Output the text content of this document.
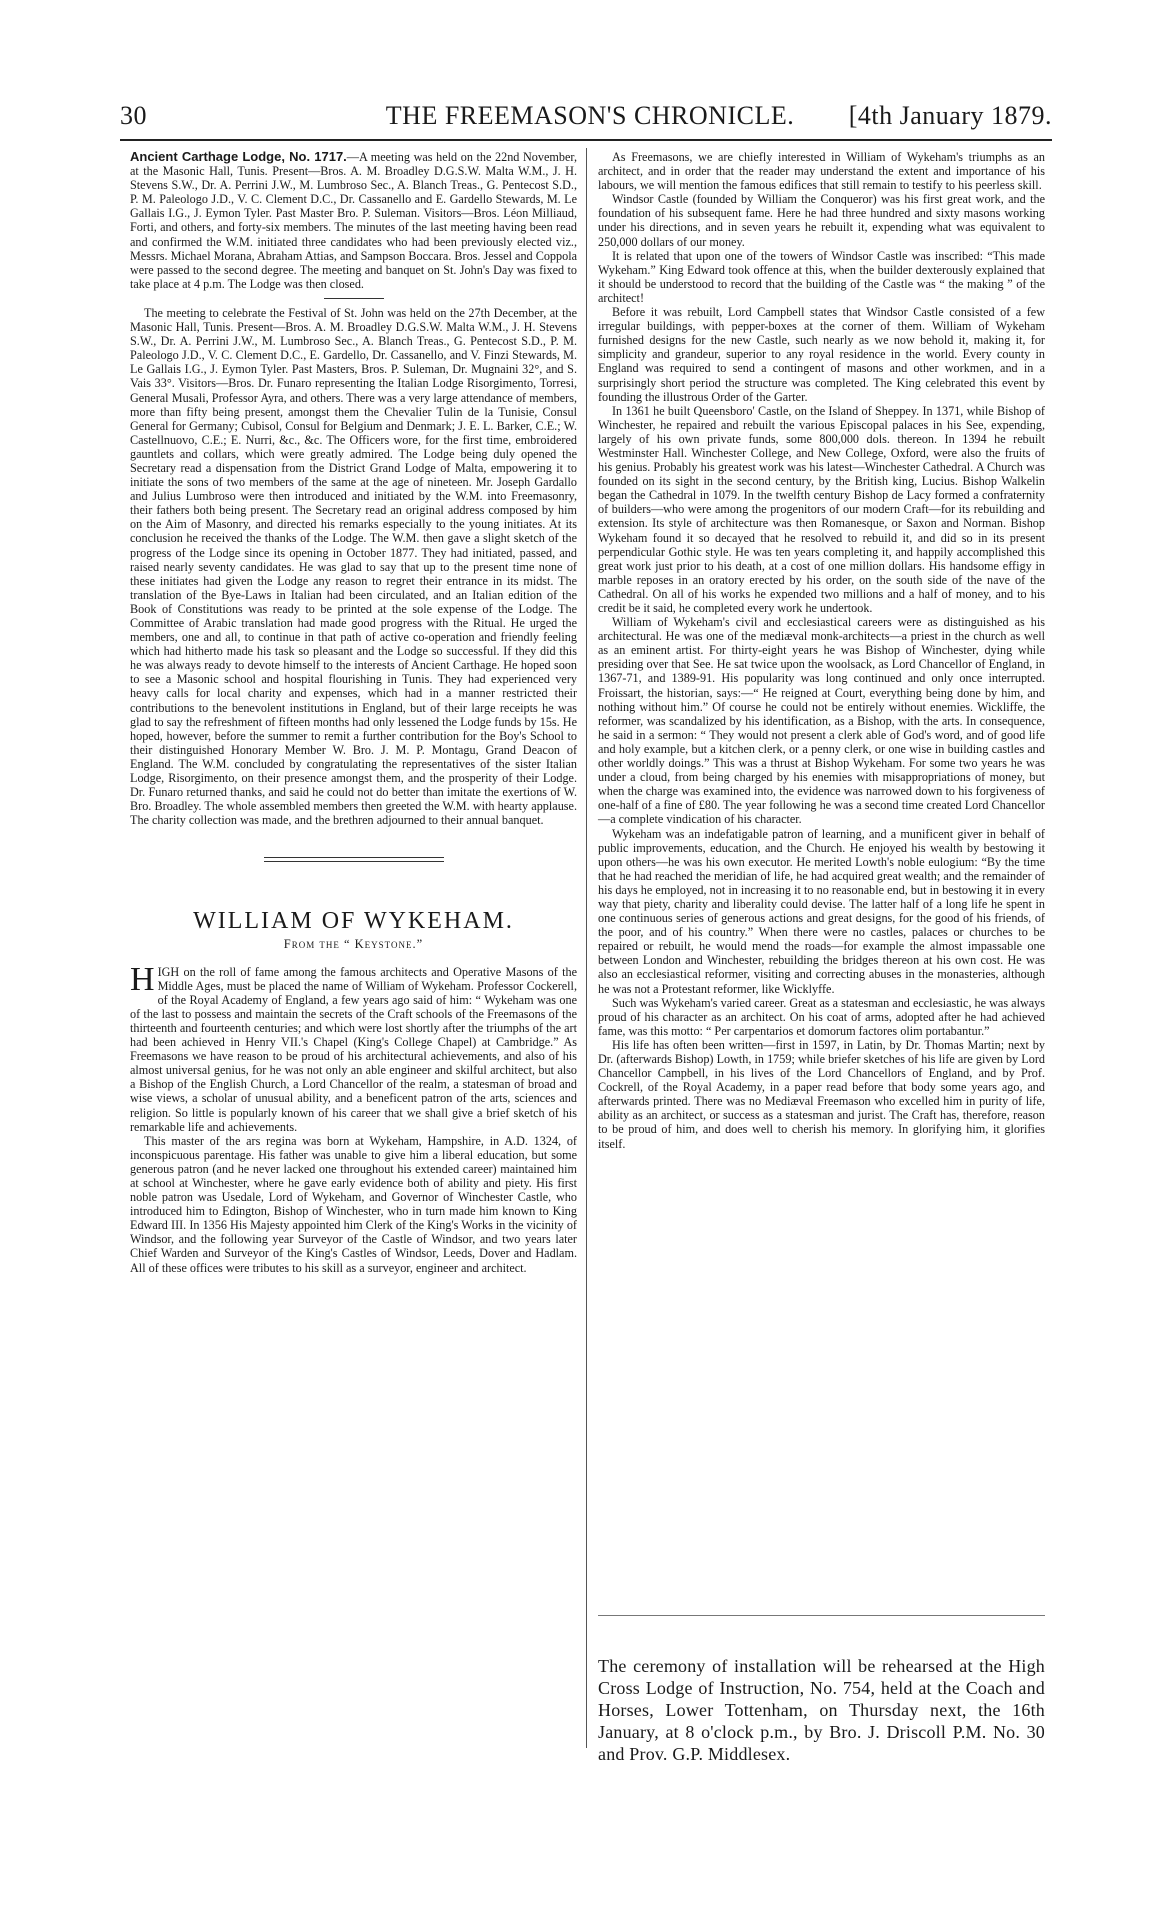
30	THE FREEMASON'S CHRONICLE. [4th January 1879.

Ancient Carthage Lodge, No. 1717.—A meeting was held on the 22nd November, at the Masonic Hall, Tunis. Present—Bros. A. M. Broadley D.G.S.W. Malta W.M., J. H. Stevens S.W., Dr. A. Perrini J.W., M. Lumbroso Sec., A. Blanch Treas., G. Pentecost S.D., P. M. Paleologo J.D., V. C. Clement D.C., Dr. Cassanello and E. Gardello Stewards, M. Le Gallais I.G., J. Eymon Tyler. Past Master Bro. P. Suleman. Visitors—Bros. Léon Milliaud, Forti, and others, and forty-six members. The minutes of the last meeting having been read and confirmed the W.M. initiated three candidates who had been previously elected viz., Messrs. Michael Morana, Abraham Attias, and Sampson Boccara. Bros. Jessel and Coppola were passed to the second degree. The meeting and banquet on St. John's Day was fixed to take place at 4 p.m. The Lodge was then closed.

The meeting to celebrate the Festival of St. John was held on the 27th December, at the Masonic Hall, Tunis. Present—Bros. A. M. Broadley D.G.S.W. Malta W.M., J. H. Stevens S.W., Dr. A. Perrini J.W., M. Lumbroso Sec., A. Blanch Treas., G. Pentecost S.D., P. M. Paleologo J.D., V. C. Clement D.C., E. Gardello, Dr. Cassanello, and V. Finzi Stewards, M. Le Gallais I.G., J. Eymon Tyler. Past Masters, Bros. P. Suleman, Dr. Mugnaini 32°, and S. Vais 33°. Visitors—Bros. Dr. Funaro representing the Italian Lodge Risorgimento, Torresi, General Musali, Professor Ayra, and others. There was a very large attendance of members, more than fifty being present, amongst them the Chevalier Tulin de la Tunisie, Consul General for Germany; Cubisol, Consul for Belgium and Denmark; J. E. L. Barker, C.E.; W. Castellnuovo, C.E.; E. Nurri, &c., &c. The Officers wore, for the first time, embroidered gauntlets and collars, which were greatly admired. The Lodge being duly opened the Secretary read a dispensation from the District Grand Lodge of Malta, empowering it to initiate the sons of two members of the same at the age of nineteen. Mr. Joseph Gardallo and Julius Lumbroso were then introduced and initiated by the W.M. into Freemasonry, their fathers both being present. The Secretary read an original address composed by him on the Aim of Masonry, and directed his remarks especially to the young initiates. At its conclusion he received the thanks of the Lodge. The W.M. then gave a slight sketch of the progress of the Lodge since its opening in October 1877. They had initiated, passed, and raised nearly seventy candidates. He was glad to say that up to the present time none of these initiates had given the Lodge any reason to regret their entrance in its midst. The translation of the Bye-Laws in Italian had been circulated, and an Italian edition of the Book of Constitutions was ready to be printed at the sole expense of the Lodge. The Committee of Arabic translation had made good progress with the Ritual. He urged the members, one and all, to continue in that path of active co-operation and friendly feeling which had hitherto made his task so pleasant and the Lodge so successful. If they did this he was always ready to devote himself to the interests of Ancient Carthage. He hoped soon to see a Masonic school and hospital flourishing in Tunis. They had experienced very heavy calls for local charity and expenses, which had in a manner restricted their contributions to the benevolent institutions in England, but of their large receipts he was glad to say the refreshment of fifteen months had only lessened the Lodge funds by 15s. He hoped, however, before the summer to remit a further contribution for the Boy's School to their distinguished Honorary Member W. Bro. J. M. P. Montagu, Grand Deacon of England. The W.M. concluded by congratulating the representatives of the sister Italian Lodge, Risorgimento, on their presence amongst them, and the prosperity of their Lodge. Dr. Funaro returned thanks, and said he could not do better than imitate the exertions of W. Bro. Broadley. The whole assembled members then greeted the W.M. with hearty applause. The charity collection was made, and the brethren adjourned to their annual banquet.

WILLIAM OF WYKEHAM.
From the “ Keystone.”

HIGH on the roll of fame among the famous architects and Operative Masons of the Middle Ages, must be placed the name of William of Wykeham. Professor Cockerell, of the Royal Academy of England, a few years ago said of him: “ Wykeham was one of the last to possess and maintain the secrets of the Craft schools of the Freemasons of the thirteenth and fourteenth centuries; and which were lost shortly after the triumphs of the art had been achieved in Henry VII.'s Chapel (King's College Chapel) at Cambridge.” As Freemasons we have reason to be proud of his architectural achievements, and also of his almost universal genius, for he was not only an able engineer and skilful architect, but also a Bishop of the English Church, a Lord Chancellor of the realm, a statesman of broad and wise views, a scholar of unusual ability, and a beneficent patron of the arts, sciences and religion. So little is popularly known of his career that we shall give a brief sketch of his remarkable life and achievements.

This master of the ars regina was born at Wykeham, Hampshire, in A.D. 1324, of inconspicuous parentage. His father was unable to give him a liberal education, but some generous patron (and he never lacked one throughout his extended career) maintained him at school at Winchester, where he gave early evidence both of ability and piety. His first noble patron was Usedale, Lord of Wykeham, and Governor of Winchester Castle, who introduced him to Edington, Bishop of Winchester, who in turn made him known to King Edward III. In 1356 His Majesty appointed him Clerk of the King's Works in the vicinity of Windsor, and the following year Surveyor of the Castle of Windsor, and two years later Chief Warden and Surveyor of the King's Castles of Windsor, Leeds, Dover and Hadlam. All of these offices were tributes to his skill as a surveyor, engineer and architect.

As Freemasons, we are chiefly interested in William of Wykeham's triumphs as an architect, and in order that the reader may understand the extent and importance of his labours, we will mention the famous edifices that still remain to testify to his peerless skill.

Windsor Castle (founded by William the Conqueror) was his first great work, and the foundation of his subsequent fame. Here he had three hundred and sixty masons working under his directions, and in seven years he rebuilt it, expending what was equivalent to 250,000 dollars of our money.

It is related that upon one of the towers of Windsor Castle was inscribed: “This made Wykeham.” King Edward took offence at this, when the builder dexterously explained that it should be understood to record that the building of the Castle was “ the making ” of the architect!

Before it was rebuilt, Lord Campbell states that Windsor Castle consisted of a few irregular buildings, with pepper-boxes at the corner of them. William of Wykeham furnished designs for the new Castle, such nearly as we now behold it, making it, for simplicity and grandeur, superior to any royal residence in the world. Every county in England was required to send a contingent of masons and other workmen, and in a surprisingly short period the structure was completed. The King celebrated this event by founding the illustrous Order of the Garter.

In 1361 he built Queensboro' Castle, on the Island of Sheppey. In 1371, while Bishop of Winchester, he repaired and rebuilt the various Episcopal palaces in his See, expending, largely of his own private funds, some 800,000 dols. thereon. In 1394 he rebuilt Westminster Hall. Winchester College, and New College, Oxford, were also the fruits of his genius. Probably his greatest work was his latest—Winchester Cathedral. A Church was founded on its sight in the second century, by the British king, Lucius. Bishop Walkelin began the Cathedral in 1079. In the twelfth century Bishop de Lacy formed a confraternity of builders—who were among the progenitors of our modern Craft—for its rebuilding and extension. Its style of architecture was then Romanesque, or Saxon and Norman. Bishop Wykeham found it so decayed that he resolved to rebuild it, and did so in its present perpendicular Gothic style. He was ten years completing it, and happily accomplished this great work just prior to his death, at a cost of one million dollars. His handsome effigy in marble reposes in an oratory erected by his order, on the south side of the nave of the Cathedral. On all of his works he expended two millions and a half of money, and to his credit be it said, he completed every work he undertook.

William of Wykeham's civil and ecclesiastical careers were as distinguished as his architectural. He was one of the mediæval monk-architects—a priest in the church as well as an eminent artist. For thirty-eight years he was Bishop of Winchester, dying while presiding over that See. He sat twice upon the woolsack, as Lord Chancellor of England, in 1367-71, and 1389-91. His popularity was long continued and only once interrupted. Froissart, the historian, says:—“ He reigned at Court, everything being done by him, and nothing without him.” Of course he could not be entirely without enemies. Wickliffe, the reformer, was scandalized by his identification, as a Bishop, with the arts. In consequence, he said in a sermon: “ They would not present a clerk able of God's word, and of good life and holy example, but a kitchen clerk, or a penny clerk, or one wise in building castles and other worldly doings.” This was a thrust at Bishop Wykeham. For some two years he was under a cloud, from being charged by his enemies with misappropriations of money, but when the charge was examined into, the evidence was narrowed down to his forgiveness of one-half of a fine of £80. The year following he was a second time created Lord Chancellor—a complete vindication of his character.

Wykeham was an indefatigable patron of learning, and a munificent giver in behalf of public improvements, education, and the Church. He enjoyed his wealth by bestowing it upon others—he was his own executor. He merited Lowth's noble eulogium: “By the time that he had reached the meridian of life, he had acquired great wealth; and the remainder of his days he employed, not in increasing it to no reasonable end, but in bestowing it in every way that piety, charity and liberality could devise. The latter half of a long life he spent in one continuous series of generous actions and great designs, for the good of his friends, of the poor, and of his country.” When there were no castles, palaces or churches to be repaired or rebuilt, he would mend the roads—for example the almost impassable one between London and Winchester, rebuilding the bridges thereon at his own cost. He was also an ecclesiastical reformer, visiting and correcting abuses in the monasteries, although he was not a Protestant reformer, like Wicklyffe.

Such was Wykeham's varied career. Great as a statesman and ecclesiastic, he was always proud of his character as an architect. On his coat of arms, adopted after he had achieved fame, was this motto: “ Per carpentarios et domorum factores olim portabantur.”

His life has often been written—first in 1597, in Latin, by Dr. Thomas Martin; next by Dr. (afterwards Bishop) Lowth, in 1759; while briefer sketches of his life are given by Lord Chancellor Campbell, in his lives of the Lord Chancellors of England, and by Prof. Cockrell, of the Royal Academy, in a paper read before that body some years ago, and afterwards printed. There was no Mediæval Freemason who excelled him in purity of life, ability as an architect, or success as a statesman and jurist. The Craft has, therefore, reason to be proud of him, and does well to cherish his memory. In glorifying him, it glorifies itself.

The ceremony of installation will be rehearsed at the High Cross Lodge of Instruction, No. 754, held at the Coach and Horses, Lower Tottenham, on Thursday next, the 16th January, at 8 o'clock p.m., by Bro. J. Driscoll P.M. No. 30 and Prov. G.P. Middlesex.
